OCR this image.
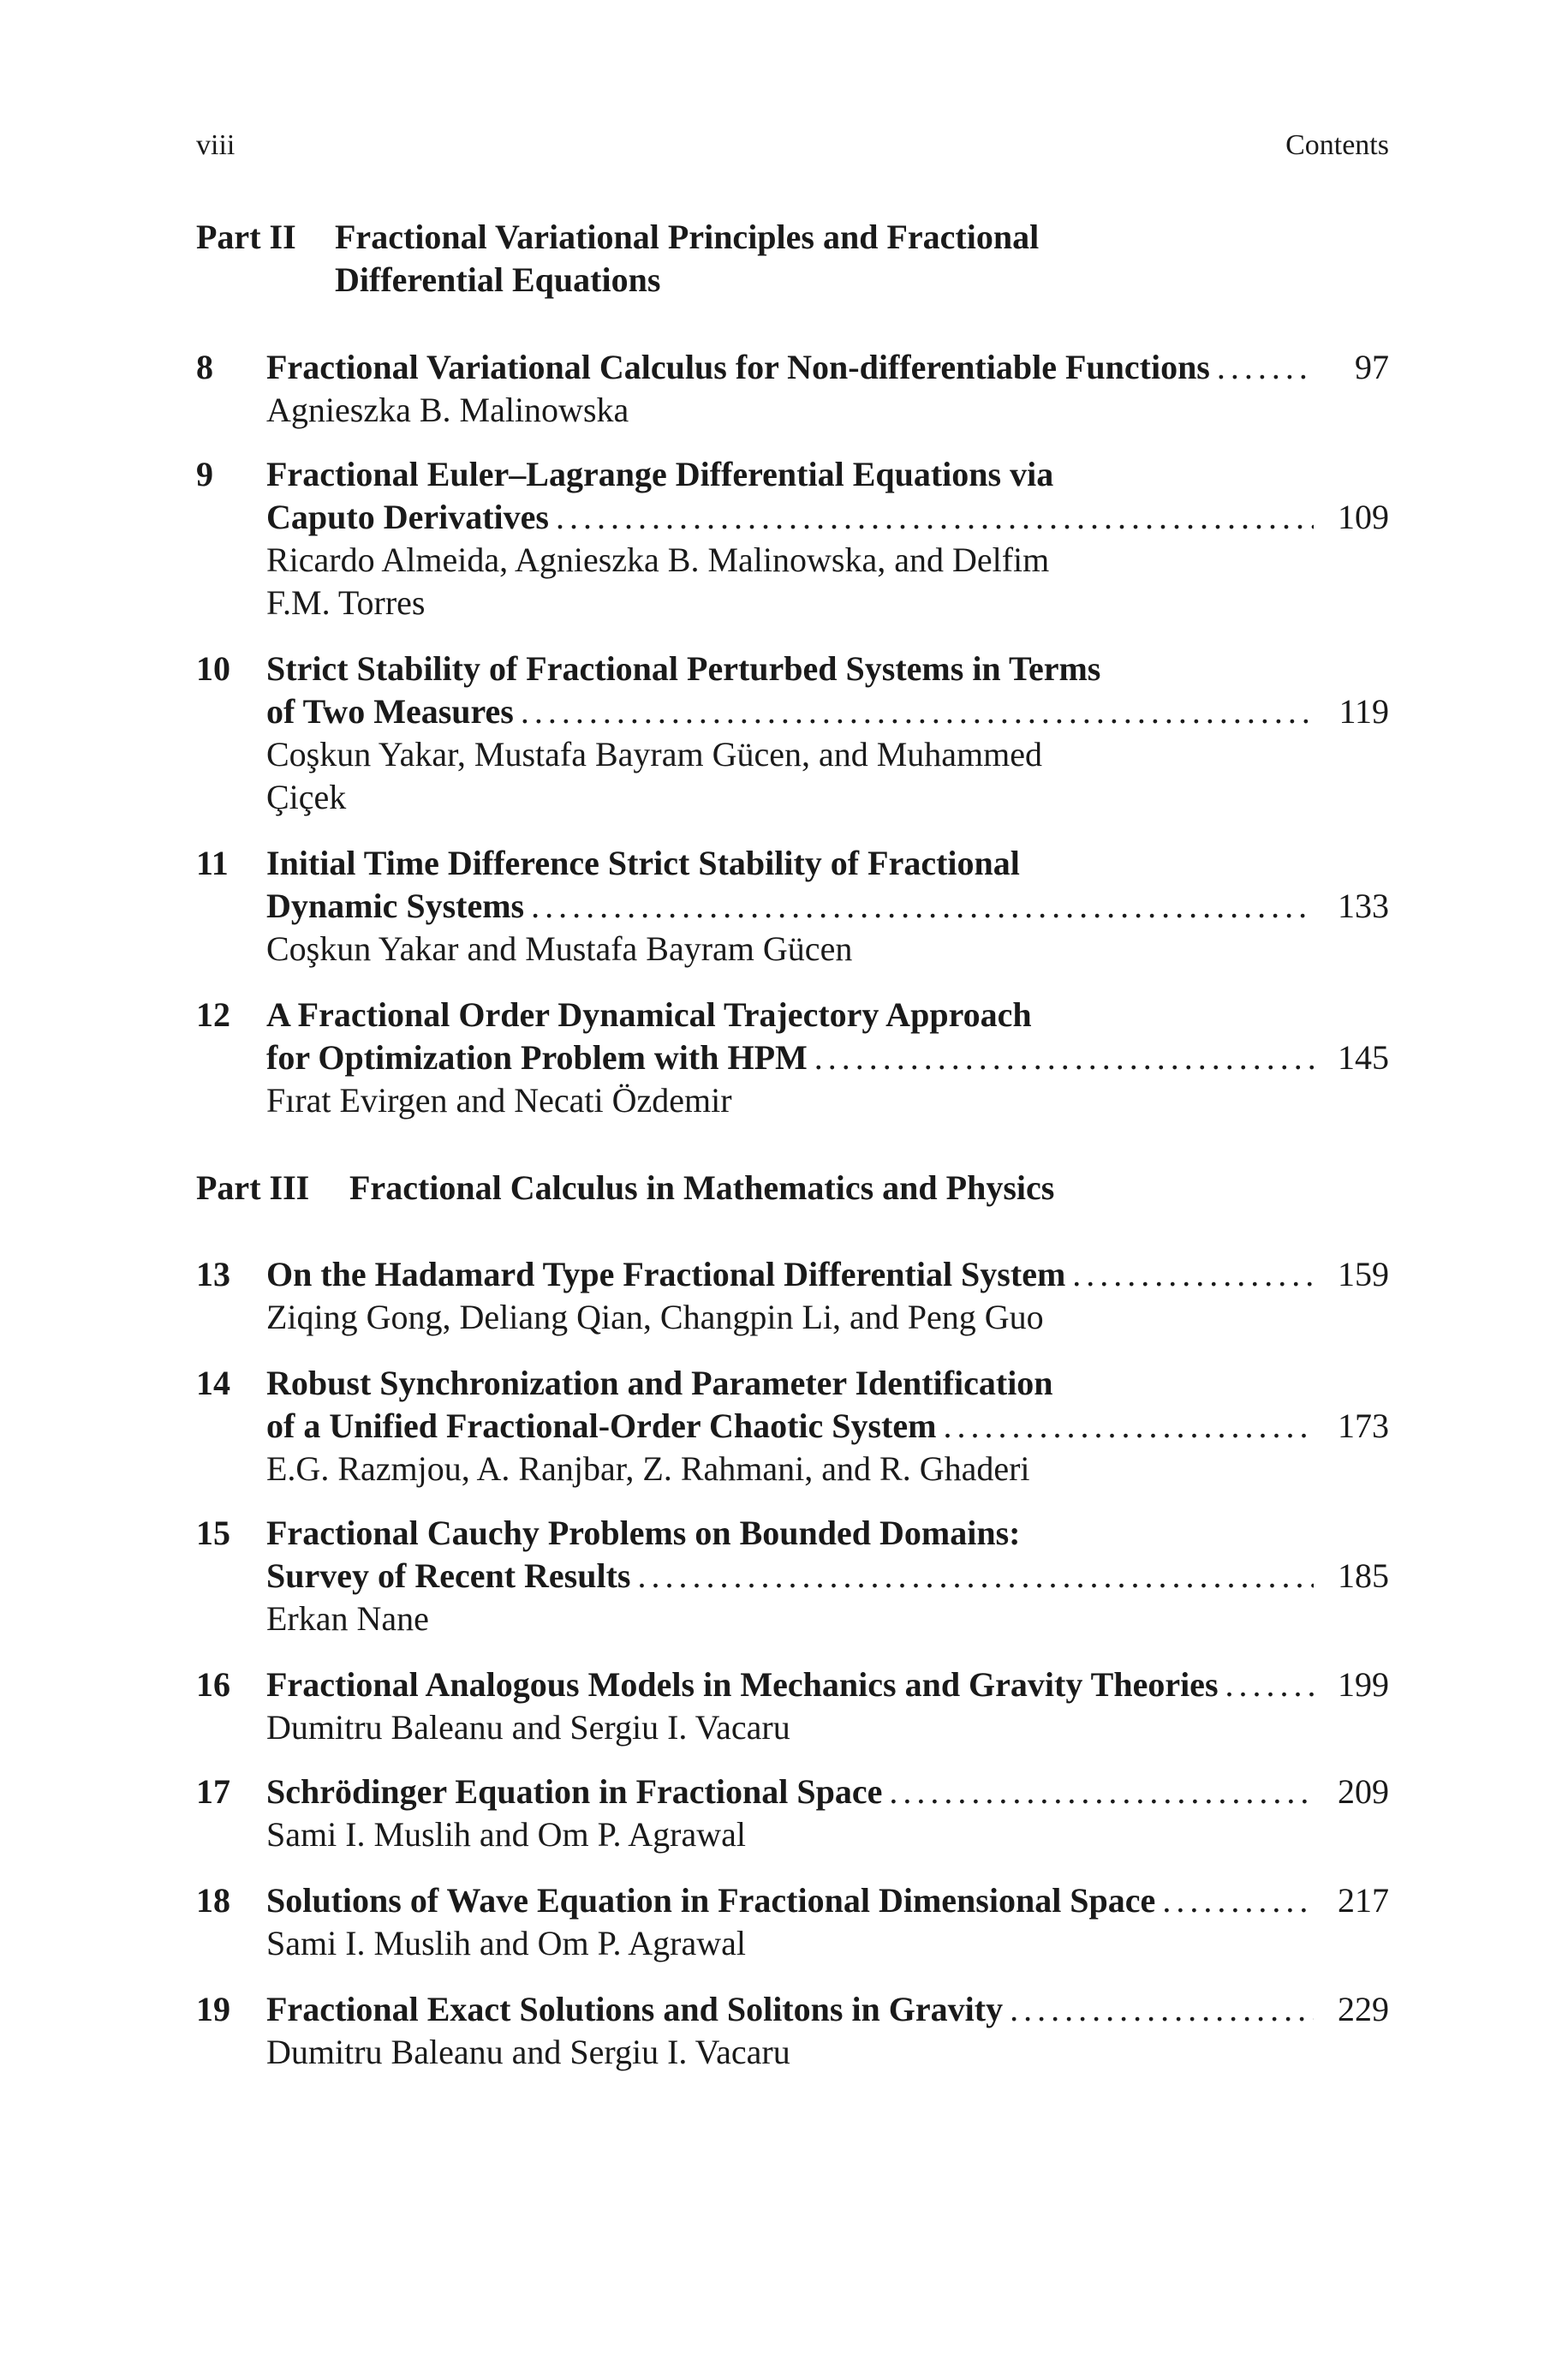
viii	Contents
Part II Fractional Variational Principles and Fractional
Differential Equations
Part III Fractional Calculus in Mathematics and Physics
8 Fractional Variational Calculus for Non-differentiable Functions . . .	97
Agnieszka B. Malinowska
9 Fractional Euler–Lagrange Differential Equations via
Caputo Derivatives . . .	109
Ricardo Almeida, Agnieszka B. Malinowska, and Delfim
F.M. Torres
10 Strict Stability of Fractional Perturbed Systems in Terms
of Two Measures . . .	119
Coşkun Yakar, Mustafa Bayram Gücen, and Muhammed
Çiçek
11 Initial Time Difference Strict Stability of Fractional
Dynamic Systems . . .	133
Coşkun Yakar and Mustafa Bayram Gücen
12 A Fractional Order Dynamical Trajectory Approach
for Optimization Problem with HPM . . .	145
Fırat Evirgen and Necati Özdemir
13 On the Hadamard Type Fractional Differential System . . .	159
Ziqing Gong, Deliang Qian, Changpin Li, and Peng Guo
14 Robust Synchronization and Parameter Identification
of a Unified Fractional-Order Chaotic System . . .	173
E.G. Razmjou, A. Ranjbar, Z. Rahmani, and R. Ghaderi
15 Fractional Cauchy Problems on Bounded Domains:
Survey of Recent Results . . .	185
Erkan Nane
16 Fractional Analogous Models in Mechanics and Gravity Theories . . .	199
Dumitru Baleanu and Sergiu I. Vacaru
17 Schrödinger Equation in Fractional Space . . .	209
Sami I. Muslih and Om P. Agrawal
18 Solutions of Wave Equation in Fractional Dimensional Space . . .	217
Sami I. Muslih and Om P. Agrawal
19 Fractional Exact Solutions and Solitons in Gravity . . .	229
Dumitru Baleanu and Sergiu I. Vacaru
